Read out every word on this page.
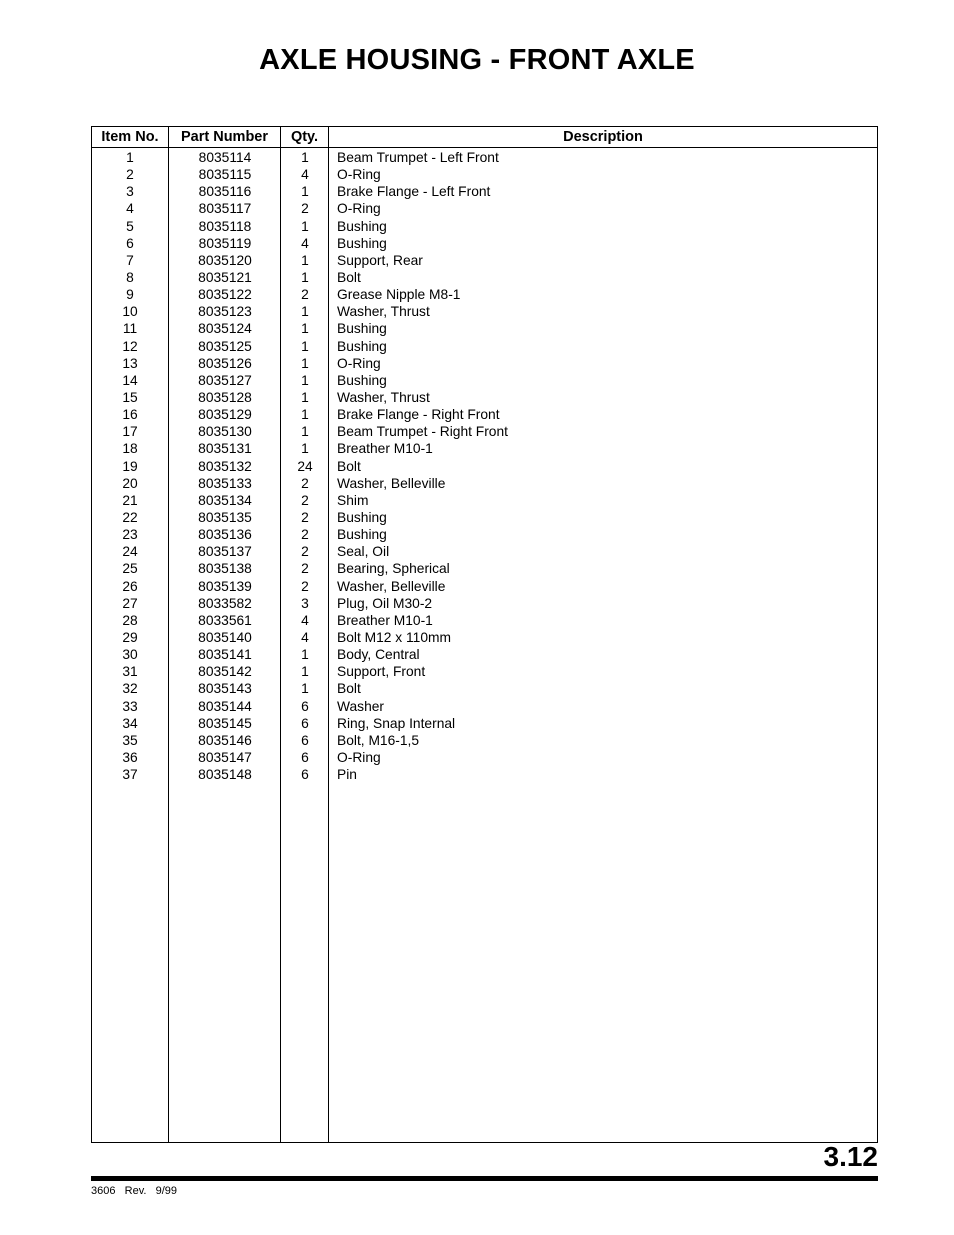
AXLE HOUSING - FRONT AXLE
Item No.	Part Number	Qty.	Description
1	8035114	1	Beam Trumpet - Left Front
2	8035115	4	O-Ring
3	8035116	1	Brake Flange - Left Front
4	8035117	2	O-Ring
5	8035118	1	Bushing
6	8035119	4	Bushing
7	8035120	1	Support, Rear
8	8035121	1	Bolt
9	8035122	2	Grease Nipple M8-1
10	8035123	1	Washer, Thrust
11	8035124	1	Bushing
12	8035125	1	Bushing
13	8035126	1	O-Ring
14	8035127	1	Bushing
15	8035128	1	Washer, Thrust
16	8035129	1	Brake Flange - Right Front
17	8035130	1	Beam Trumpet - Right Front
18	8035131	1	Breather M10-1
19	8035132	24	Bolt
20	8035133	2	Washer, Belleville
21	8035134	2	Shim
22	8035135	2	Bushing
23	8035136	2	Bushing
24	8035137	2	Seal, Oil
25	8035138	2	Bearing, Spherical
26	8035139	2	Washer, Belleville
27	8033582	3	Plug, Oil M30-2
28	8033561	4	Breather M10-1
29	8035140	4	Bolt M12 x 110mm
30	8035141	1	Body, Central
31	8035142	1	Support, Front
32	8035143	1	Bolt
33	8035144	6	Washer
34	8035145	6	Ring, Snap Internal
35	8035146	6	Bolt, M16-1,5
36	8035147	6	O-Ring
37	8035148	6	Pin
3.12
3606   Rev.   9/99
